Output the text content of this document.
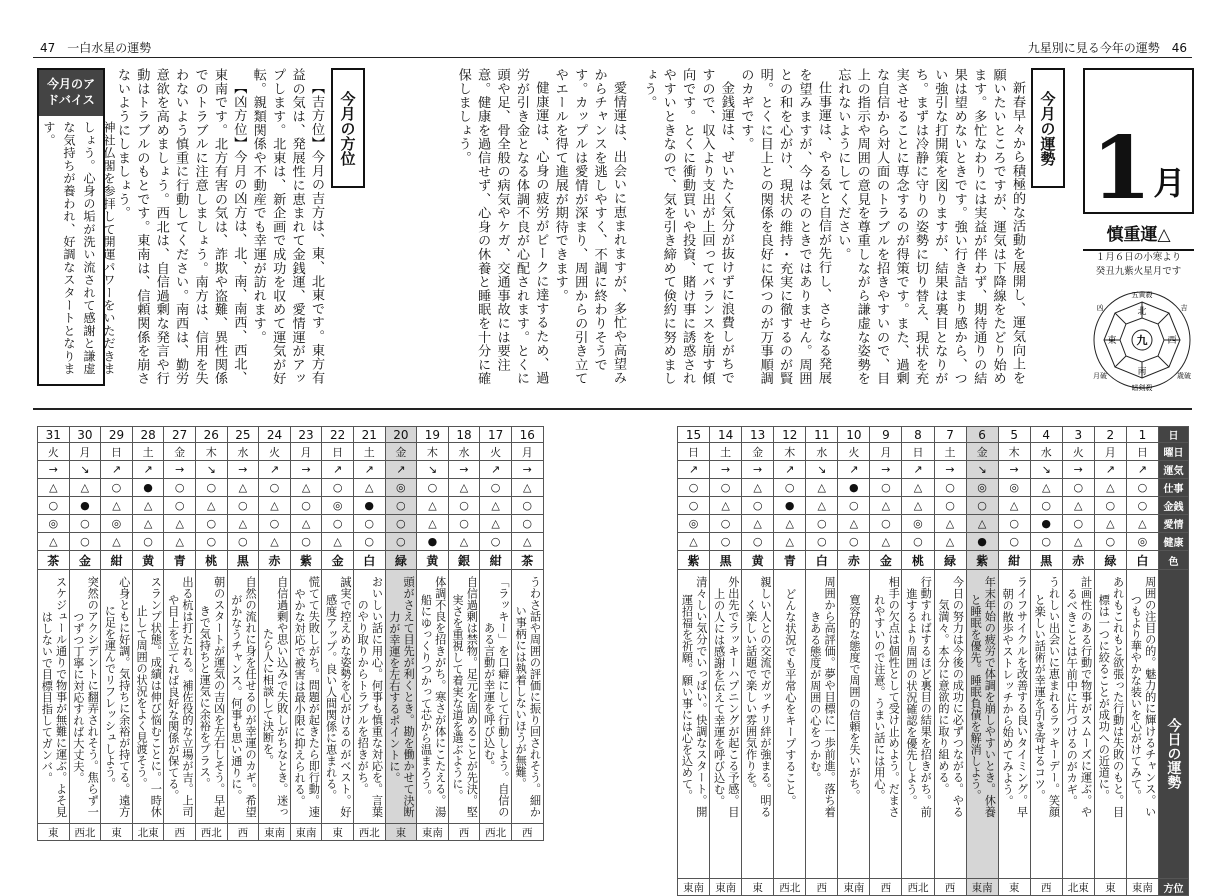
47　一白水星の運勢	九星別に見る今年の運勢　46
1 月
慎重運△
１月６日の小寒より
癸丑九紫火星月です
北
南
東	西
九
五黄殺
暗剣殺
吉
凶
歳破
月破
今月の運勢

新春早々から積極的な活動を展開し、運気向上を願いたいところですが、運気は下降線をたどり始めます。多忙なわりには実益が伴わず、期待通りの結果は望めないときです。強い行き詰まり感から、つい強引な打開策を図りますが、結果は裏目となりがち。まずは冷静に守りの姿勢に切り替え、現状を充実させることに専念するのが得策です。また、過剰な自信から対人面のトラブルを招きやすいので、目上の指示や周囲の意見を尊重しながら謙虚な姿勢を忘れないようにしてください。

仕事運は、やる気と自信が先行し、さらなる発展を望みますが、今はそのときではありません。周囲との和を心がけ、現状の維持・充実に徹するのが賢明。とくに目上との関係を良好に保つのが万事順調のカギです。

金銭運は、ぜいたく気分が抜けずに浪費しがちですので、収入より支出が上回ってバランスを崩す傾向です。とくに衝動買いや投資、賭け事に誘惑されやすいときなので、気を引き締めて倹約に努めましょう。

愛情運は、出会いに恵まれますが、多忙や高望みからチャンスを逃しやすく、不調に終わりそうです。カップルは愛情が深まり、周囲からの引き立てやエールを得て進展が期待できます。

健康運は、心身の疲労がピークに達するため、過労が引き金となる体調不良が心配されます。とくに頭や足、骨全般の病気やケガ、交通事故には要注意。健康を過信せず、心身の休養と睡眠を十分に確保しましょう。

今月の方位

【吉方位】今月の吉方は、東、北東です。東方有益の気は、発展性に恵まれて金銭運、愛情運がアップします。北東は、新企画で成功を収めて運気が好転。親類関係や不動産でも幸運が訪れます。

【凶方位】今月の凶方は、北、南、南西、西北、東南です。北方有害の気は、詐欺や盗難、異性関係でのトラブルに注意しましょう。南方は、信用を失わないよう慎重に行動してください。南西は、勤労意欲を高めましょう。西北は、自信過剰な発言や行動はトラブルのもとです。東南は、信頼関係を崩さないようにしましょう。

今月のアドバイス
神社仏閣を参拝して開運パワーをいただきましょう。心身の垢が洗い流されて感謝と謙虚な気持ちが養われ、好調なスタートとなります。
15	14	13	12	11	10	9	8	7	6	5	4	3	2	1	日
日	土	金	木	水	火	月	日	土	金	木	水	火	月	日	曜日
↗	→	→	↗	↘	↗	→	↗	→	↘	→	↘	→	↗	↗	運気
○	○	△	○	△	●	○	△	○	◎	◎	△	○	△	○	仕事
○	△	○	●	△	○	△	△	○	○	△	○	△	○	○	金銭
◎	○	△	△	○	△	○	◎	△	△	○	●	○	△	△	愛情
△	○	○	△	○	○	△	○	△	●	○	○	△	○	◎	健康
紫	黒	黄	青	白	赤	金	桃	緑	紫	紺	黒	赤	緑	白	色

清々しい気分でいっぱい。快調なスタート。開運招福を祈願。願い事には心を込めて。	外出先でラッキーハプニングが起こる予感。目上の人には感謝を伝えて幸運を呼び込む。	親しい人との交流でガッチリ絆が強まる。明るく楽しい話題で楽しい雰囲気作りを。	どんな状況でも平常心をキープすること。	周囲から高評価。夢や目標に一歩前進。落ち着きある態度が周囲の心をつかむ。	寛容的な態度で周囲の信頼を失いがち。	相手の欠点は個性として受け止めよう。だまされやすいので注意。うまい話には用心。	行動すればするほど裏目の結果を招きがち。前進するより周囲の状況確認を優先しよう。	今日の努力は今後の成功に必ずつながる。やる気満々。本分に意欲的に取り組める。	年末年始の疲労で体調を崩しやすいとき。休養と睡眠を優先。睡眠負債を解消しよう。	ライフサイクルを改善する良いタイミング。早朝の散歩やストレッチから始めてみよう。	うれしい出会いに恵まれるラッキーデー。笑顔と楽しい話術が幸運を引き寄せるコツ。	計画性のある行動で物事がスムーズに運ぶ。やるべきことは午前中に片づけるのがカギ。	あれもこれもと欲張った行動は失敗のもと。目標は一つに絞ることが成功への近道に。	周囲の注目の的。魅力的に輝けるチャンス。いつもより華やかな装いを心がけてみて。	今日の運勢

東南	東南	東	西北	西	東南	西	西北	西	東南	東	西	北東	東	東南	方位
31	30	29	28	27	26	25	24	23	22	21	20	19	18	17	16
火	月	日	土	金	木	水	火	月	日	土	金	木	水	火	月
→	↘	↗	↗	→	↘	→	↗	→	↗	↗	↗	↘	→	↗	→
△	△	○	●	○	○	△	○	△	○	△	◎	○	△	○	△
○	●	△	△	○	△	○	△	○	◎	●	○	△	○	△	○
◎	○	◎	△	△	○	△	○	△	○	○	○	△	○	△	○
△	○	△	○	△	○	○	△	○	△	○	○	●	△	○	△
茶	金	紺	黄	青	桃	黒	赤	紫	金	白	緑	黄	銀	紺	茶

スケジュール通りで物事が無難に運ぶ。よそ見はしないで目標目指してガンバ。	突然のアクシデントに翻弄されそう。焦らず一つずつ丁寧に対応すれば大丈夫。	心身ともに好調。気持ちに余裕が持てる。遠方に足を運んでリフレッシュしよう。	スランプ状態。成績は伸び悩むことに。一時休止して周囲の状況をよく見渡そう。	出る杭は打たれる。補佐役的な立場が吉。上司や目上を立てれば良好な関係が保てる。	朝のスタートが運気の吉凶を左右しそう。早起きで気持ちと運気に余裕をプラス。	自然の流れに身を任せるのが幸運のカギ。希望がかなうチャンス。何事も思い通りに。	自信過剰や思い込みで失敗しがちなとき。迷ったら人に相談して決断を。	慌てて失敗しがち。問題が起きたら即行動。速やかな対応で被害は最小限に抑えられる。	誠実で控えめな姿勢を心がけるのがベスト。好感度アップ。良い人間関係に恵まれる。	おいしい話に用心。何事も慎重な対応を。言葉のやり取りからトラブルを招きがち。	頭がさえて目先が利くとき。勘を働かせて決断力が幸運を左右するポイントに。	体調不良を招きがち。寒さが体にこたえる。湯船にゆっくりつかって芯から温まろう。	自信過剰は禁物。足元を固めることが先決。堅実さを重視して着実な道を選ぶように。	「ラッキー」を口癖にして行動しよう。自信のある言動が幸運を呼び込む。	うわさ話や周囲の評価に振り回されそう。細かい事柄には執着しないほうが無難。

東	西北	東	北東	西	西北	西	東南	東南	東	西北	東	東南	西	西北	西
